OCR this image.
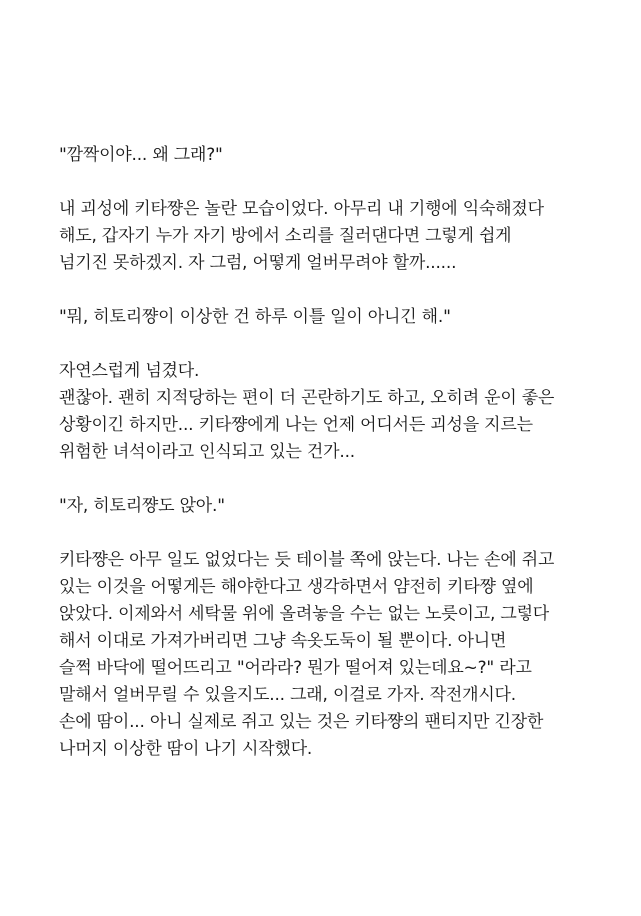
"깜짝이야... 왜 그래?"
내 괴성에 키타쨩은 놀란 모습이었다. 아무리 내 기행에 익숙해졌다
해도, 갑자기 누가 자기 방에서 소리를 질러댄다면 그렇게 쉽게
넘기진 못하겠지. 자 그럼, 어떻게 얼버무려야 할까......
"뭐, 히토리쨩이 이상한 건 하루 이틀 일이 아니긴 해."
자연스럽게 넘겼다.
괜찮아. 괜히 지적당하는 편이 더 곤란하기도 하고, 오히려 운이 좋은
상황이긴 하지만... 키타쨩에게 나는 언제 어디서든 괴성을 지르는
위험한 녀석이라고 인식되고 있는 건가...
"자, 히토리쨩도 앉아."
키타쨩은 아무 일도 없었다는 듯 테이블 쪽에 앉는다. 나는 손에 쥐고
있는 이것을 어떻게든 해야한다고 생각하면서 얌전히 키타쨩 옆에
앉았다. 이제와서 세탁물 위에 올려놓을 수는 없는 노릇이고, 그렇다
해서 이대로 가져가버리면 그냥 속옷도둑이 될 뿐이다. 아니면
슬쩍 바닥에 떨어뜨리고 "어라라? 뭔가 떨어져 있는데요~?" 라고
말해서 얼버무릴 수 있을지도... 그래, 이걸로 가자. 작전개시다.
손에 땀이... 아니 실제로 쥐고 있는 것은 키타쨩의 팬티지만 긴장한
나머지 이상한 땀이 나기 시작했다.
